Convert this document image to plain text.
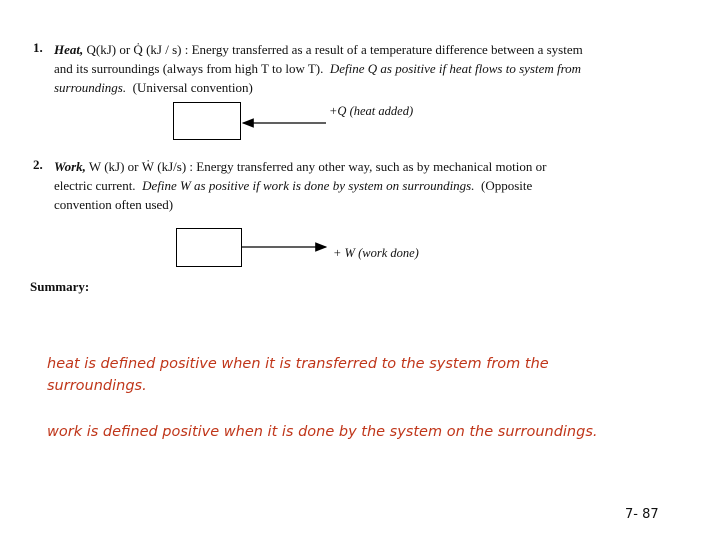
1. Heat, Q(kJ) or Q̇ (kJ / s) : Energy transferred as a result of a temperature difference between a system
and its surroundings (always from high T to low T). Define Q as positive if heat flows to system from
surroundings. (Universal convention)
+Q (heat added)
2. Work, W (kJ) or Ẇ (kJ/s) : Energy transferred any other way, such as by mechanical motion or
electric current. Define W as positive if work is done by system on surroundings. (Opposite
convention often used)
+ W (work done)
Summary:
heat is defined positive when it is transferred to the system from the
surroundings.
work is defined positive when it is done by the system on the surroundings.
7- 87
